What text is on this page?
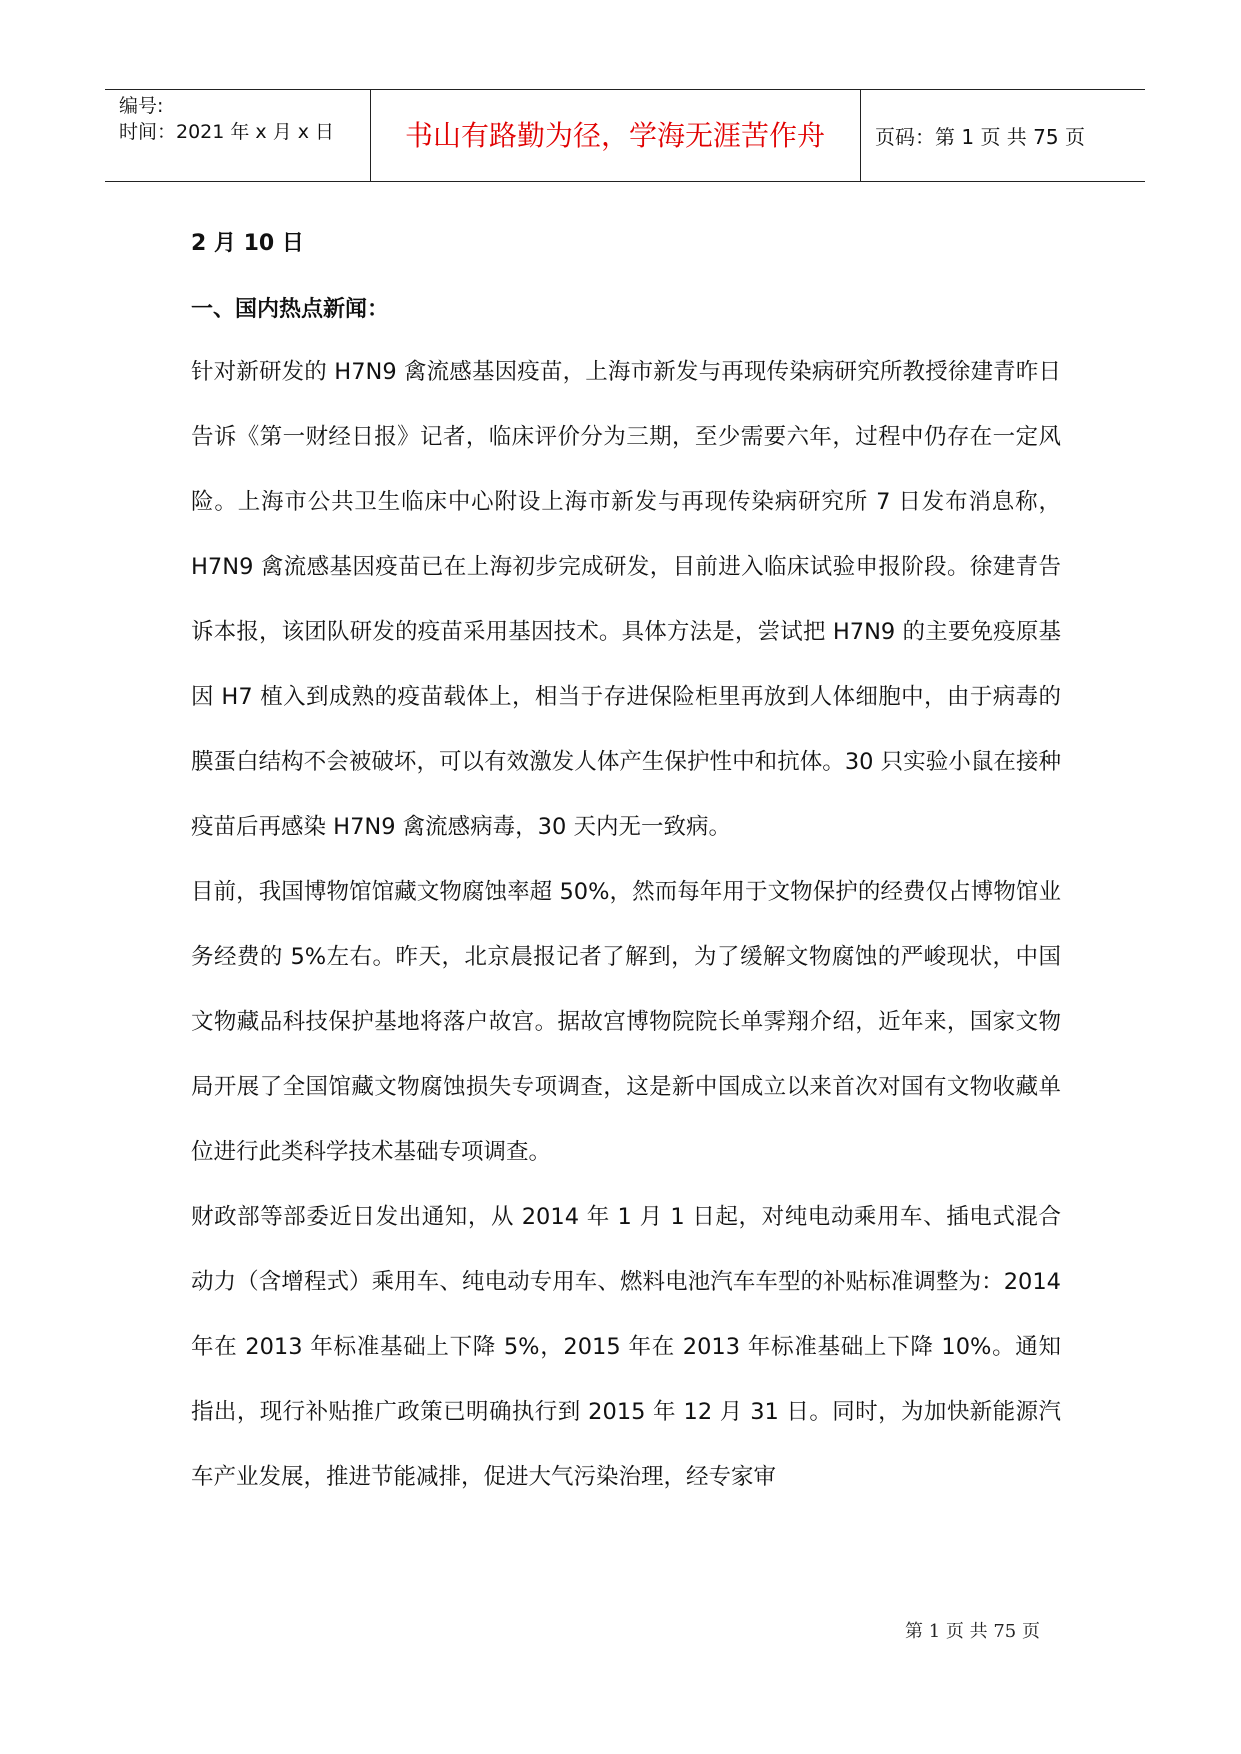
编号:
时间：2021 年 x 月 x 日	书山有路勤为径，学海无涯苦作舟	页码：第 1 页 共 75 页
2 月 10 日
一、国内热点新闻：

针对新研发的 H7N9 禽流感基因疫苗，上海市新发与再现传染病研究所教授徐建青昨日告诉《第一财经日报》记者，临床评价分为三期，至少需要六年，过程中仍存在一定风险。上海市公共卫生临床中心附设上海市新发与再现传染病研究所 7 日发布消息称，H7N9 禽流感基因疫苗已在上海初步完成研发，目前进入临床试验申报阶段。徐建青告诉本报，该团队研发的疫苗采用基因技术。具体方法是，尝试把 H7N9 的主要免疫原基因 H7 植入到成熟的疫苗载体上，相当于存进保险柜里再放到人体细胞中，由于病毒的膜蛋白结构不会被破坏，可以有效激发人体产生保护性中和抗体。30 只实验小鼠在接种疫苗后再感染 H7N9 禽流感病毒，30 天内无一致病。

目前，我国博物馆馆藏文物腐蚀率超 50%，然而每年用于文物保护的经费仅占博物馆业务经费的 5%左右。昨天，北京晨报记者了解到，为了缓解文物腐蚀的严峻现状，中国文物藏品科技保护基地将落户故宫。据故宫博物院院长单霁翔介绍，近年来，国家文物局开展了全国馆藏文物腐蚀损失专项调查，这是新中国成立以来首次对国有文物收藏单位进行此类科学技术基础专项调查。

财政部等部委近日发出通知，从 2014 年 1 月 1 日起，对纯电动乘用车、插电式混合动力（含增程式）乘用车、纯电动专用车、燃料电池汽车车型的补贴标准调整为：2014 年在 2013 年标准基础上下降 5%，2015 年在 2013 年标准基础上下降 10%。通知指出，现行补贴推广政策已明确执行到 2015 年 12 月 31 日。同时，为加快新能源汽车产业发展，推进节能减排，促进大气污染治理，经专家审

第 1 页 共 75 页
